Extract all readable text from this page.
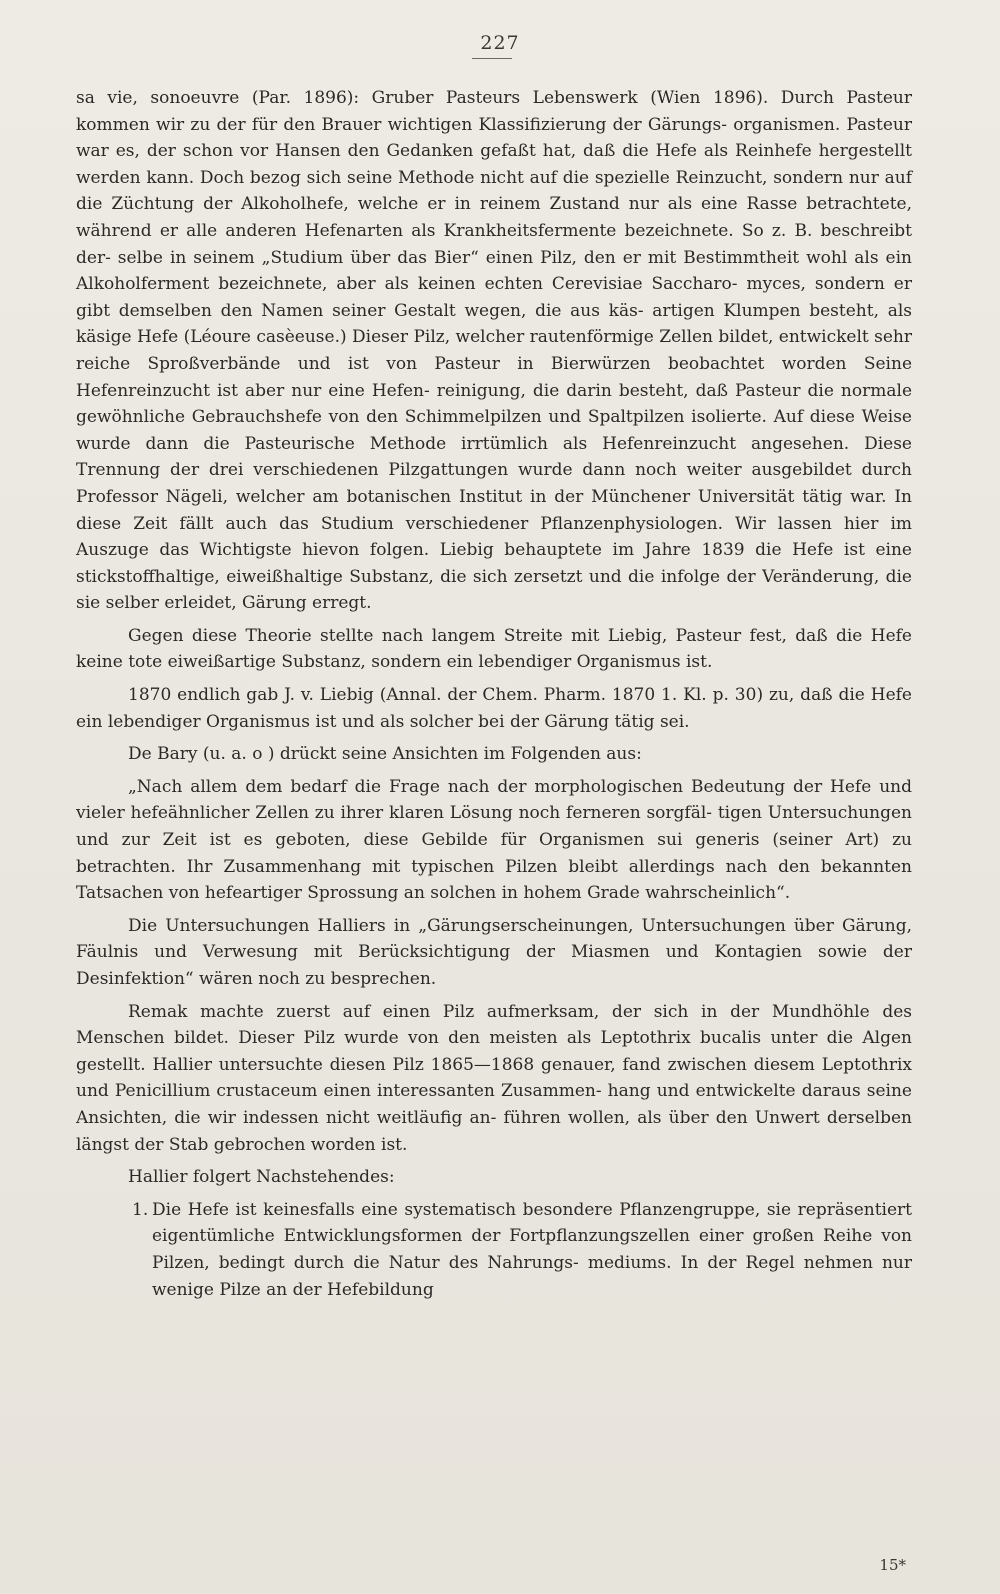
227

sa vie, sonoeuvre (Par. 1896): Gruber Pasteurs Lebenswerk (Wien 1896). Durch Pasteur kommen wir zu der für den Brauer wichtigen Klassifizierung der Gärungs- organismen. Pasteur war es, der schon vor Hansen den Gedanken gefaßt hat, daß die Hefe als Reinhefe hergestellt werden kann. Doch bezog sich seine Methode nicht auf die spezielle Reinzucht, sondern nur auf die Züchtung der Alkoholhefe, welche er in reinem Zustand nur als eine Rasse betrachtete, während er alle anderen Hefenarten als Krankheitsfermente bezeichnete. So z. B. beschreibt der- selbe in seinem „Studium über das Bier“ einen Pilz, den er mit Bestimmtheit wohl als ein Alkoholferment bezeichnete, aber als keinen echten Cerevisiae Saccharo- myces, sondern er gibt demselben den Namen seiner Gestalt wegen, die aus käs- artigen Klumpen besteht, als käsige Hefe (Léoure casèeuse.) Dieser Pilz, welcher rautenförmige Zellen bildet, entwickelt sehr reiche Sproßverbände und ist von Pasteur in Bierwürzen beobachtet worden Seine Hefenreinzucht ist aber nur eine Hefen- reinigung, die darin besteht, daß Pasteur die normale gewöhnliche Gebrauchshefe von den Schimmelpilzen und Spaltpilzen isolierte. Auf diese Weise wurde dann die Pasteurische Methode irrtümlich als Hefenreinzucht angesehen. Diese Trennung der drei verschiedenen Pilzgattungen wurde dann noch weiter ausgebildet durch Professor Nägeli, welcher am botanischen Institut in der Münchener Universität tätig war. In diese Zeit fällt auch das Studium verschiedener Pflanzenphysiologen. Wir lassen hier im Auszuge das Wichtigste hievon folgen. Liebig behauptete im Jahre 1839 die Hefe ist eine stickstoffhaltige, eiweißhaltige Substanz, die sich zersetzt und die infolge der Veränderung, die sie selber erleidet, Gärung erregt.

Gegen diese Theorie stellte nach langem Streite mit Liebig, Pasteur fest, daß die Hefe keine tote eiweißartige Substanz, sondern ein lebendiger Organismus ist.

1870 endlich gab J. v. Liebig (Annal. der Chem. Pharm. 1870 1. Kl. p. 30) zu, daß die Hefe ein lebendiger Organismus ist und als solcher bei der Gärung tätig sei.

De Bary (u. a. o ) drückt seine Ansichten im Folgenden aus:

„Nach allem dem bedarf die Frage nach der morphologischen Bedeutung der Hefe und vieler hefeähnlicher Zellen zu ihrer klaren Lösung noch ferneren sorgfäl- tigen Untersuchungen und zur Zeit ist es geboten, diese Gebilde für Organismen sui generis (seiner Art) zu betrachten. Ihr Zusammenhang mit typischen Pilzen bleibt allerdings nach den bekannten Tatsachen von hefeartiger Sprossung an solchen in hohem Grade wahrscheinlich“.

Die Untersuchungen Halliers in „Gärungserscheinungen, Untersuchungen über Gärung, Fäulnis und Verwesung mit Berücksichtigung der Miasmen und Kontagien sowie der Desinfektion“ wären noch zu besprechen.

Remak machte zuerst auf einen Pilz aufmerksam, der sich in der Mundhöhle des Menschen bildet. Dieser Pilz wurde von den meisten als Leptothrix bucalis unter die Algen gestellt. Hallier untersuchte diesen Pilz 1865—1868 genauer, fand zwischen diesem Leptothrix und Penicillium crustaceum einen interessanten Zusammen- hang und entwickelte daraus seine Ansichten, die wir indessen nicht weitläufig an- führen wollen, als über den Unwert derselben längst der Stab gebrochen worden ist.

Hallier folgert Nachstehendes:

1. Die Hefe ist keinesfalls eine systematisch besondere Pflanzengruppe, sie repräsentiert eigentümliche Entwicklungsformen der Fortpflanzungszellen einer großen Reihe von Pilzen, bedingt durch die Natur des Nahrungs- mediums. In der Regel nehmen nur wenige Pilze an der Hefebildung
15*
